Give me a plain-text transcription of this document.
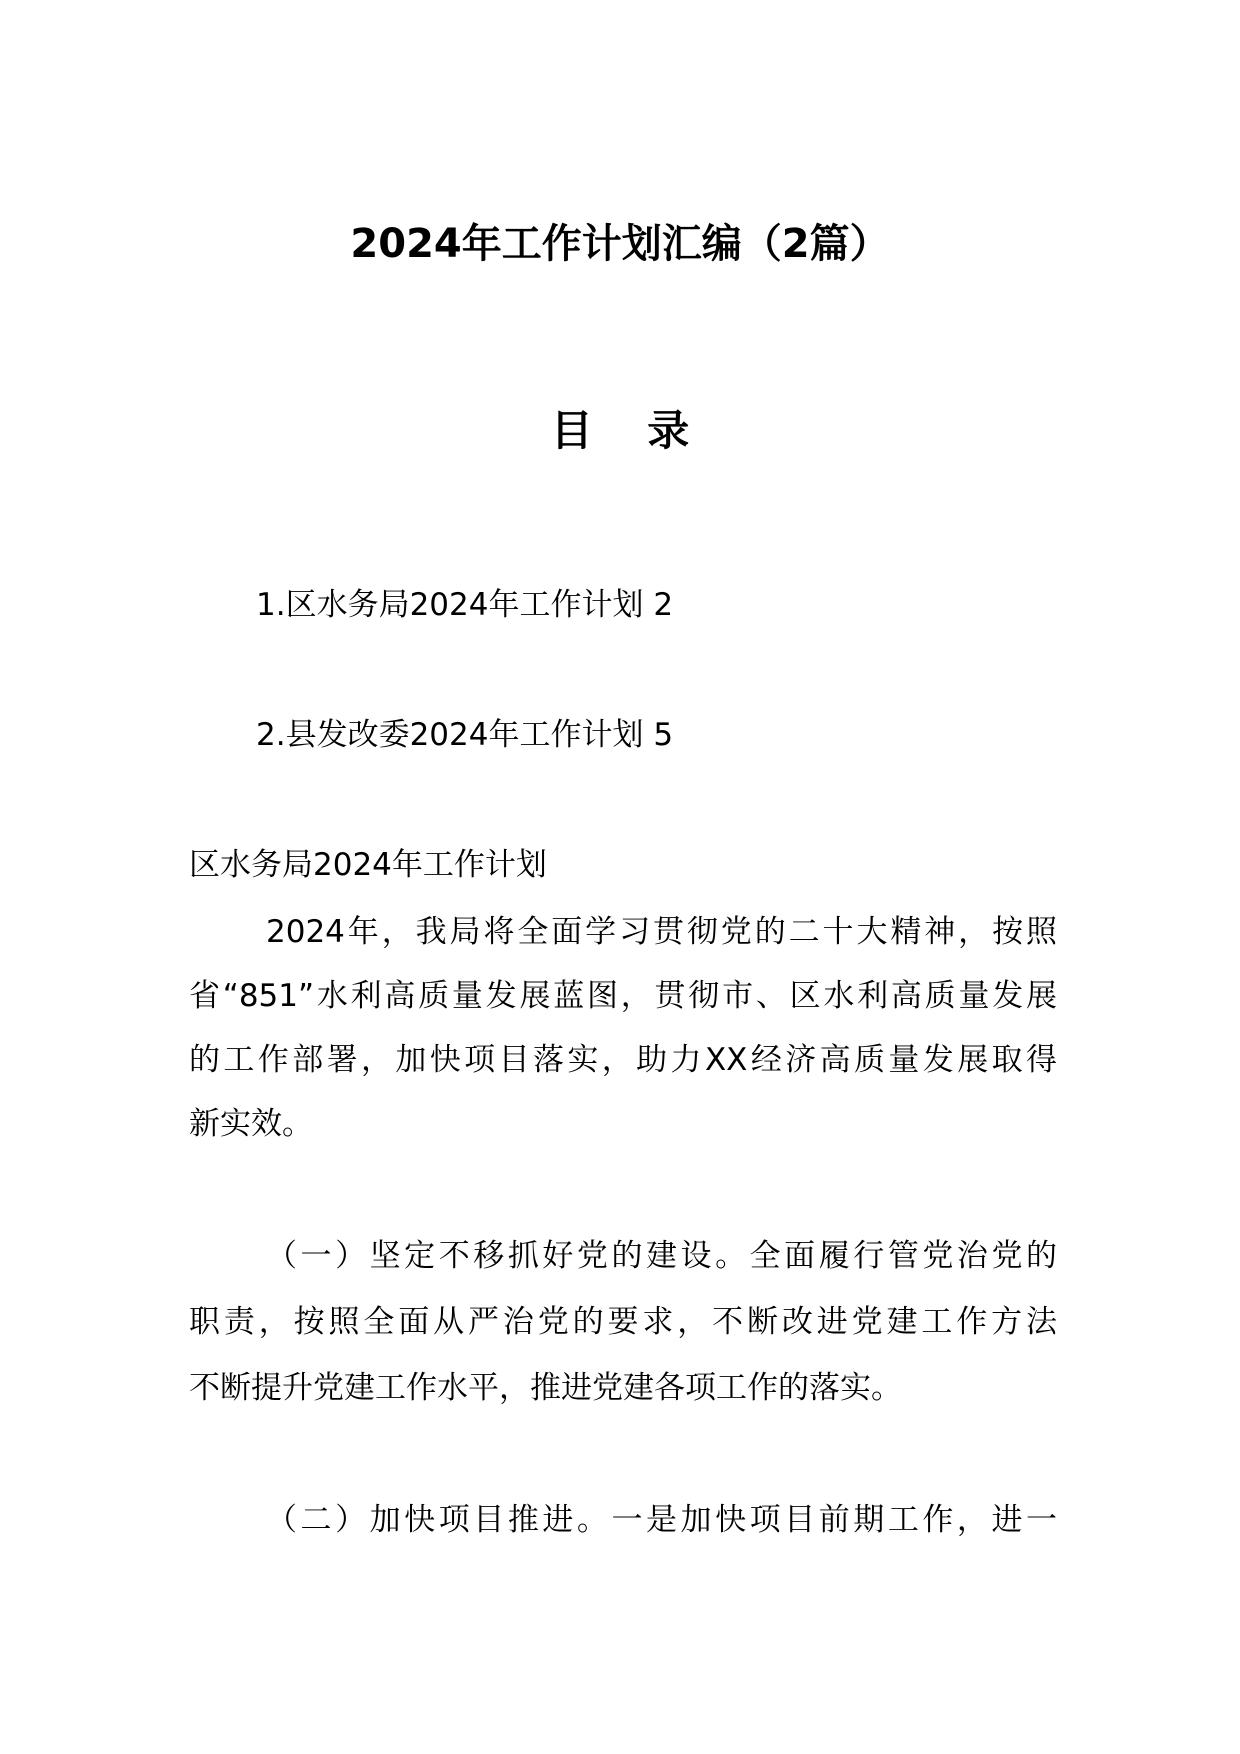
2024年工作计划汇编（2篇）
目 录
1.区水务局2024年工作计划 2
2.县发改委2024年工作计划 5
区水务局2024年工作计划
2024年，我局将全面学习贯彻党的二十大精神，按照
省“851”水利高质量发展蓝图，贯彻市、区水利高质量发展
的工作部署，加快项目落实，助力XX经济高质量发展取得
新实效。
（一）坚定不移抓好党的建设。全面履行管党治党的
职责，按照全面从严治党的要求，不断改进党建工作方法
不断提升党建工作水平，推进党建各项工作的落实。
（二）加快项目推进。一是加快项目前期工作，进一
